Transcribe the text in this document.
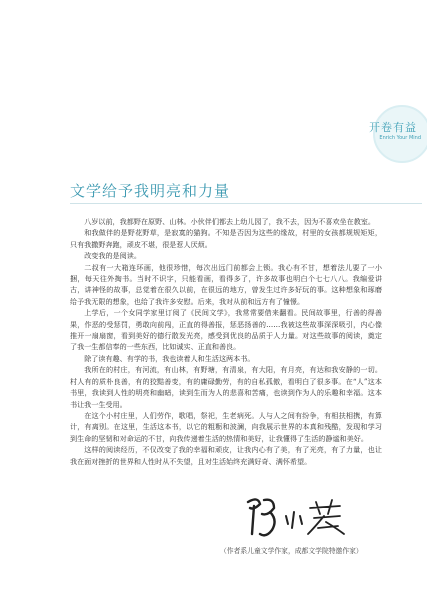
开卷有益
Enrich Your Mind
文学给予我明亮和力量

八岁以前，我都野在原野、山林。小伙伴们都去上幼儿园了，我不去，因为不喜欢坐在教室。

和我做伴的是野花野草，是寂寞的猫狗。不知是否因为这些的缘故，村里的女孩都规规矩矩，只有我撒野奔跑，顽皮不堪，很是惹人厌烦。

改变我的是阅读。

二叔有一大箱连环画，他很珍惜，每次出远门前都会上锁。我心有不甘，想着法儿要了一小捆，每天往外掏书。当时不识字，只能看画，看得多了，许多故事也明白个七七八八。我编爱讲古，讲神怪的故事，总觉着在很久以前，在很远的地方，曾发生过许多好玩的事。这种想象和琢磨给予我无限的想象，也给了我许多安慰。后来，我对从前和远方有了憧憬。

上学后，一个女同学家里订阅了《民间文学》，我常常要借来翻看。民间故事里，行善的得善果，作恶的受惩罚，勇敢向前闯，正直的得善报，惩恶扬善的……我被这些故事深深吸引，内心像推开一扇扇窗，看到美好的德行散发光亮，感受到优良的品质于人力量。对这些故事的阅读，奠定了我一生都信奉的一些东西，比如诚实、正直和善良。

除了读有趣、有学的书，我也读着人和生活这两本书。

我所在的村庄，有河流，有山林，有野塘，有清泉，有大阳，有月亮，有达和我安静的一切。村人有的质朴良善，有的狡黠善变，有的庸碌勤劳，有的自私孤傲，看明白了很多事。在“人”这本书里，我读到人性的明亮和幽暗，读到生而为人的悲喜和苦痛，也读到作为人的乐趣和幸福。这本书让我一生受用。

在这个小村庄里，人们劳作，歌唱，祭祀，生老病死。人与人之间有纷争，有相扶相携，有算计，有离别。在这里，生活这本书，以它的粗粝和波澜，向我展示世界的本真和残酷，发现和学习到生命的坚韧和对命运的不甘，向我传递着生活的热情和美好，让我懂得了生活的静谧和美好。

这样的阅读经历，不仅改变了我的幸福和顽皮，让我内心有了美，有了光亮，有了力量，也让我在面对挫折的世界和人性时从不失望，且对生活始终充满好奇、满怀希望。

（作者系儿童文学作家，成都文学院特邀作家）
